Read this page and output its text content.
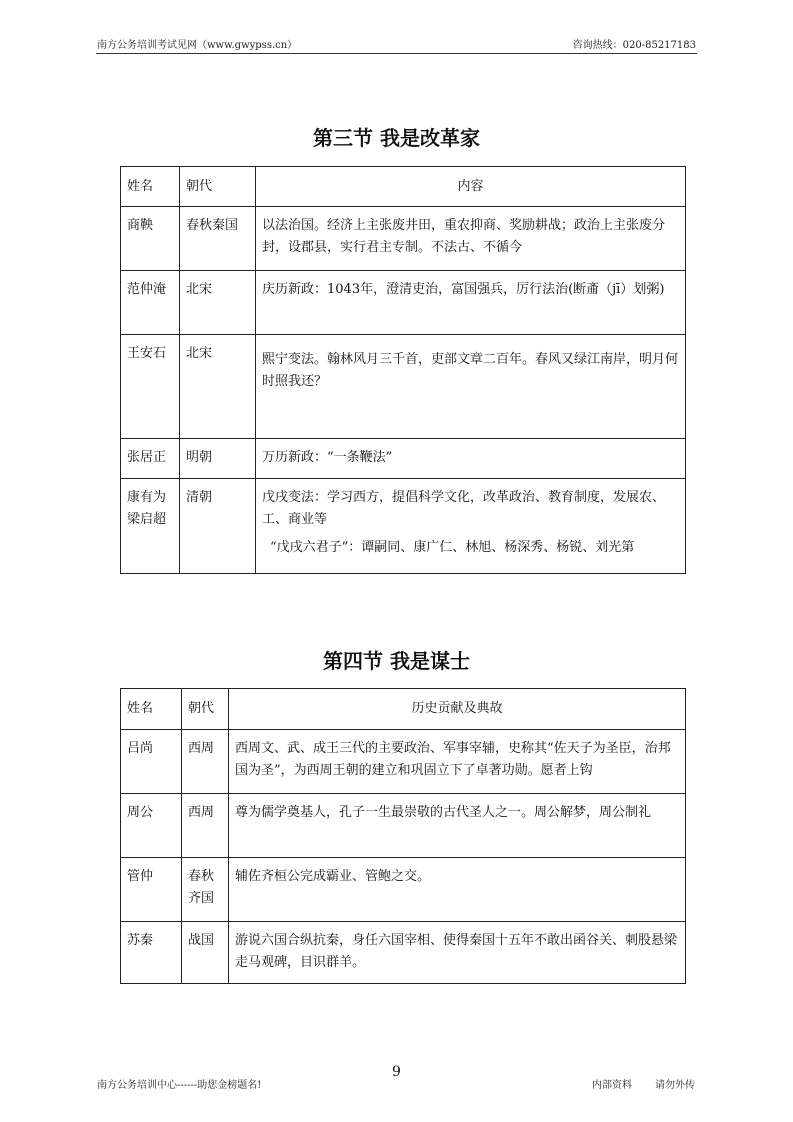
南方公务培训考试见网（www.gwypss.cn）	咨询热线：020-85217183
第三节 我是改革家
姓名	朝代	内容
商鞅	春秋秦国	以法治国。经济上主张废井田，重农抑商、奖励耕战；政治上主张废分封，设郡县，实行君主专制。不法古、不循今
范仲淹	北宋	庆历新政：1043年，澄清吏治，富国强兵，厉行法治(断齑（jī）划粥)
王安石	北宋	熙宁变法。翰林风月三千首，吏部文章二百年。春风又绿江南岸，明月何时照我还？
张居正	明朝	万历新政：“一条鞭法”
康有为梁启超	清朝	戊戌变法：学习西方，提倡科学文化，改革政治、教育制度，发展农、工、商业等
“戊戌六君子”：谭嗣同、康广仁、林旭、杨深秀、杨锐、刘光第
第四节 我是谋士
姓名	朝代	历史贡献及典故
吕尚	西周	西周文、武、成王三代的主要政治、军事宰辅，史称其“佐天子为圣臣，治邦国为圣”，为西周王朝的建立和巩固立下了卓著功勋。愿者上钩
周公	西周	尊为儒学奠基人，孔子一生最崇敬的古代圣人之一。周公解梦，周公制礼
管仲	春秋齐国	辅佐齐桓公完成霸业、管鲍之交。
苏秦	战国	游说六国合纵抗秦，身任六国宰相、使得秦国十五年不敢出函谷关、刺股悬梁走马观碑，目识群羊。
9
南方公务培训中心------助您金榜题名!	内部资料 请勿外传
